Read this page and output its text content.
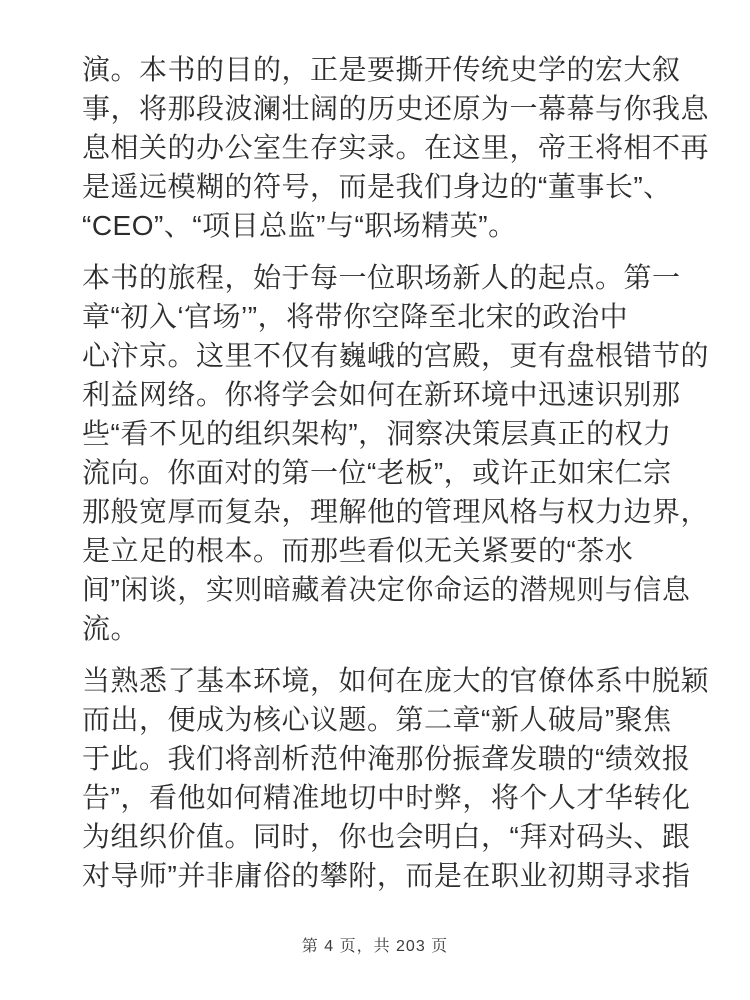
演。本书的目的，正是要撕开传统史学的宏大叙
事，将那段波澜壮阔的历史还原为一幕幕与你我息
息相关的办公室生存实录。在这里，帝王将相不再
是遥远模糊的符号，而是我们身边的“董事长”、
“CEO”、“项目总监”与“职场精英”。

本书的旅程，始于每一位职场新人的起点。第一
章“初入‘官场’”，将带你空降至北宋的政治中
心汴京。这里不仅有巍峨的宫殿，更有盘根错节的
利益网络。你将学会如何在新环境中迅速识别那
些“看不见的组织架构”，洞察决策层真正的权力
流向。你面对的第一位“老板”，或许正如宋仁宗
那般宽厚而复杂，理解他的管理风格与权力边界，
是立足的根本。而那些看似无关紧要的“茶水
间”闲谈，实则暗藏着决定你命运的潜规则与信息
流。

当熟悉了基本环境，如何在庞大的官僚体系中脱颖
而出，便成为核心议题。第二章“新人破局”聚焦
于此。我们将剖析范仲淹那份振聋发聩的“绩效报
告”，看他如何精准地切中时弊，将个人才华转化
为组织价值。同时，你也会明白，“拜对码头、跟
对导师”并非庸俗的攀附，而是在职业初期寻求指

第 4 页，共 203 页
